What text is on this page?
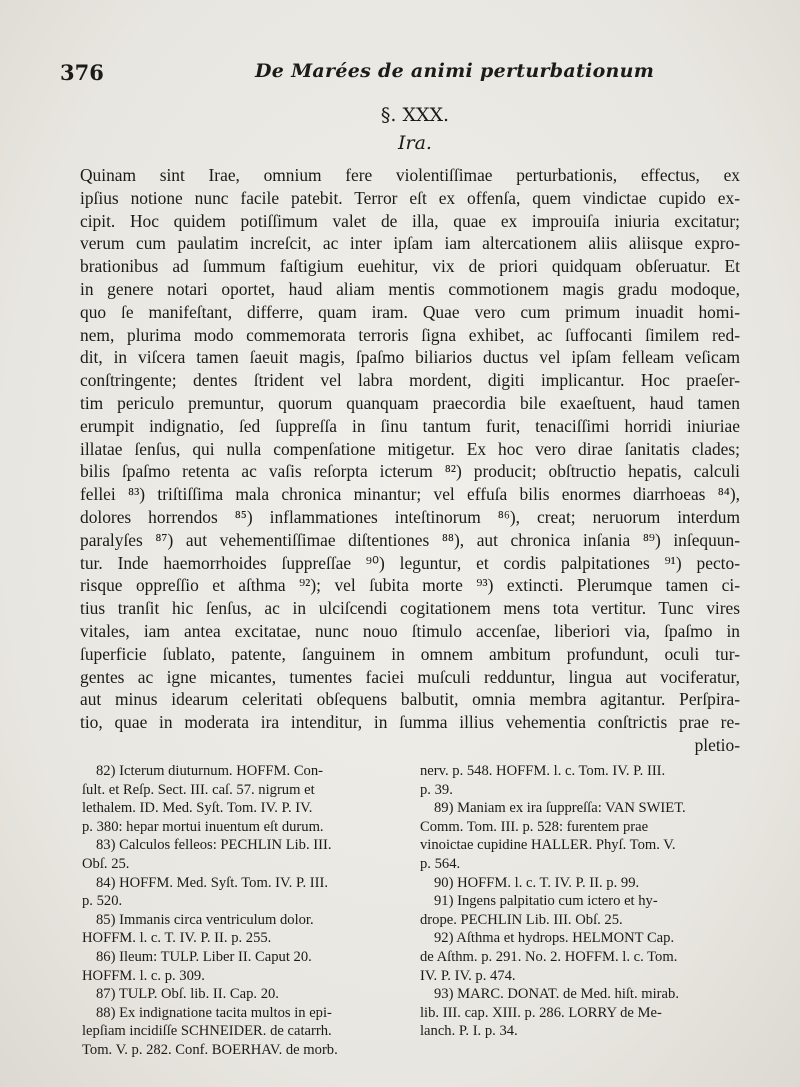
376	De Marées de animi perturbationum
§. XXX.
Ira.
Quinam sint Irae, omnium fere violentiſſimae perturbationis, effectus, ex
ipſius notione nunc facile patebit. Terror eſt ex offenſa, quem vindictae cupido ex-
cipit. Hoc quidem potiſſimum valet de illa, quae ex improuiſa iniuria excitatur;
verum cum paulatim increſcit, ac inter ipſam iam altercationem aliis aliisque expro-
brationibus ad ſummum faſtigium euehitur, vix de priori quidquam obſeruatur. Et
in genere notari oportet, haud aliam mentis commotionem magis gradu modoque,
quo ſe manifeſtant, differre, quam iram. Quae vero cum primum inuadit homi-
nem, plurima modo commemorata terroris ſigna exhibet, ac ſuffocanti ſimilem red-
dit, in viſcera tamen ſaeuit magis, ſpaſmo biliarios ductus vel ipſam felleam veſicam
conſtringente; dentes ſtrident vel labra mordent, digiti implicantur. Hoc praeſer-
tim periculo premuntur, quorum quanquam praecordia bile exaeſtuent, haud tamen
erumpit indignatio, ſed ſuppreſſa in ſinu tantum furit, tenaciſſimi horridi iniuriae
illatae ſenſus, qui nulla compenſatione mitigetur. Ex hoc vero dirae ſanitatis clades;
bilis ſpaſmo retenta ac vaſis reſorpta icterum ⁸²) producit; obſtructio hepatis, calculi
fellei ⁸³) triſtiſſima mala chronica minantur; vel effuſa bilis enormes diarrhoeas ⁸⁴),
dolores horrendos ⁸⁵) inflammationes inteſtinorum ⁸⁶), creat; neruorum interdum
paralyſes ⁸⁷) aut vehementiſſimae diſtentiones ⁸⁸), aut chronica inſania ⁸⁹) inſequun-
tur. Inde haemorrhoides ſuppreſſae ⁹⁰) leguntur, et cordis palpitationes ⁹¹) pecto-
risque oppreſſio et aſthma ⁹²); vel ſubita morte ⁹³) extincti. Plerumque tamen ci-
tius tranſit hic ſenſus, ac in ulciſcendi cogitationem mens tota vertitur. Tunc vires
vitales, iam antea excitatae, nunc nouo ſtimulo accenſae, liberiori via, ſpaſmo in
ſuperficie ſublato, patente, ſanguinem in omnem ambitum profundunt, oculi tur-
gentes ac igne micantes, tumentes faciei muſculi redduntur, lingua aut vociferatur,
aut minus idearum celeritati obſequens balbutit, omnia membra agitantur. Perſpira-
tio, quae in moderata ira intenditur, in ſumma illius vehementia conſtrictis prae re-
pletio-
82) Icterum diuturnum. HOFFM. Con-
ſult. et Reſp. Sect. III. caſ. 57. nigrum et
lethalem. ID. Med. Syſt. Tom. IV. P. IV.
p. 380: hepar mortui inuentum eſt durum.
83) Calculos felleos: PECHLIN Lib. III.
Obſ. 25.
84) HOFFM. Med. Syſt. Tom. IV. P. III.
p. 520.
85) Immanis circa ventriculum dolor.
HOFFM. l. c. T. IV. P. II. p. 255.
86) Ileum: TULP. Liber II. Caput 20.
HOFFM. l. c. p. 309.
87) TULP. Obſ. lib. II. Cap. 20.
88) Ex indignatione tacita multos in epi-
lepſiam incidiſſe SCHNEIDER. de catarrh.
Tom. V. p. 282. Conf. BOERHAV. de morb.
nerv. p. 548. HOFFM. l. c. Tom. IV. P. III.
p. 39.
89) Maniam ex ira ſuppreſſa: VAN SWIET.
Comm. Tom. III. p. 528: furentem prae
vinoictae cupidine HALLER. Phyſ. Tom. V.
p. 564.
90) HOFFM. l. c. T. IV. P. II. p. 99.
91) Ingens palpitatio cum ictero et hy-
drope. PECHLIN Lib. III. Obſ. 25.
92) Aſthma et hydrops. HELMONT Cap.
de Aſthm. p. 291. No. 2. HOFFM. l. c. Tom.
IV. P. IV. p. 474.
93) MARC. DONAT. de Med. hiſt. mirab.
lib. III. cap. XIII. p. 286. LORRY de Me-
lanch. P. I. p. 34.
